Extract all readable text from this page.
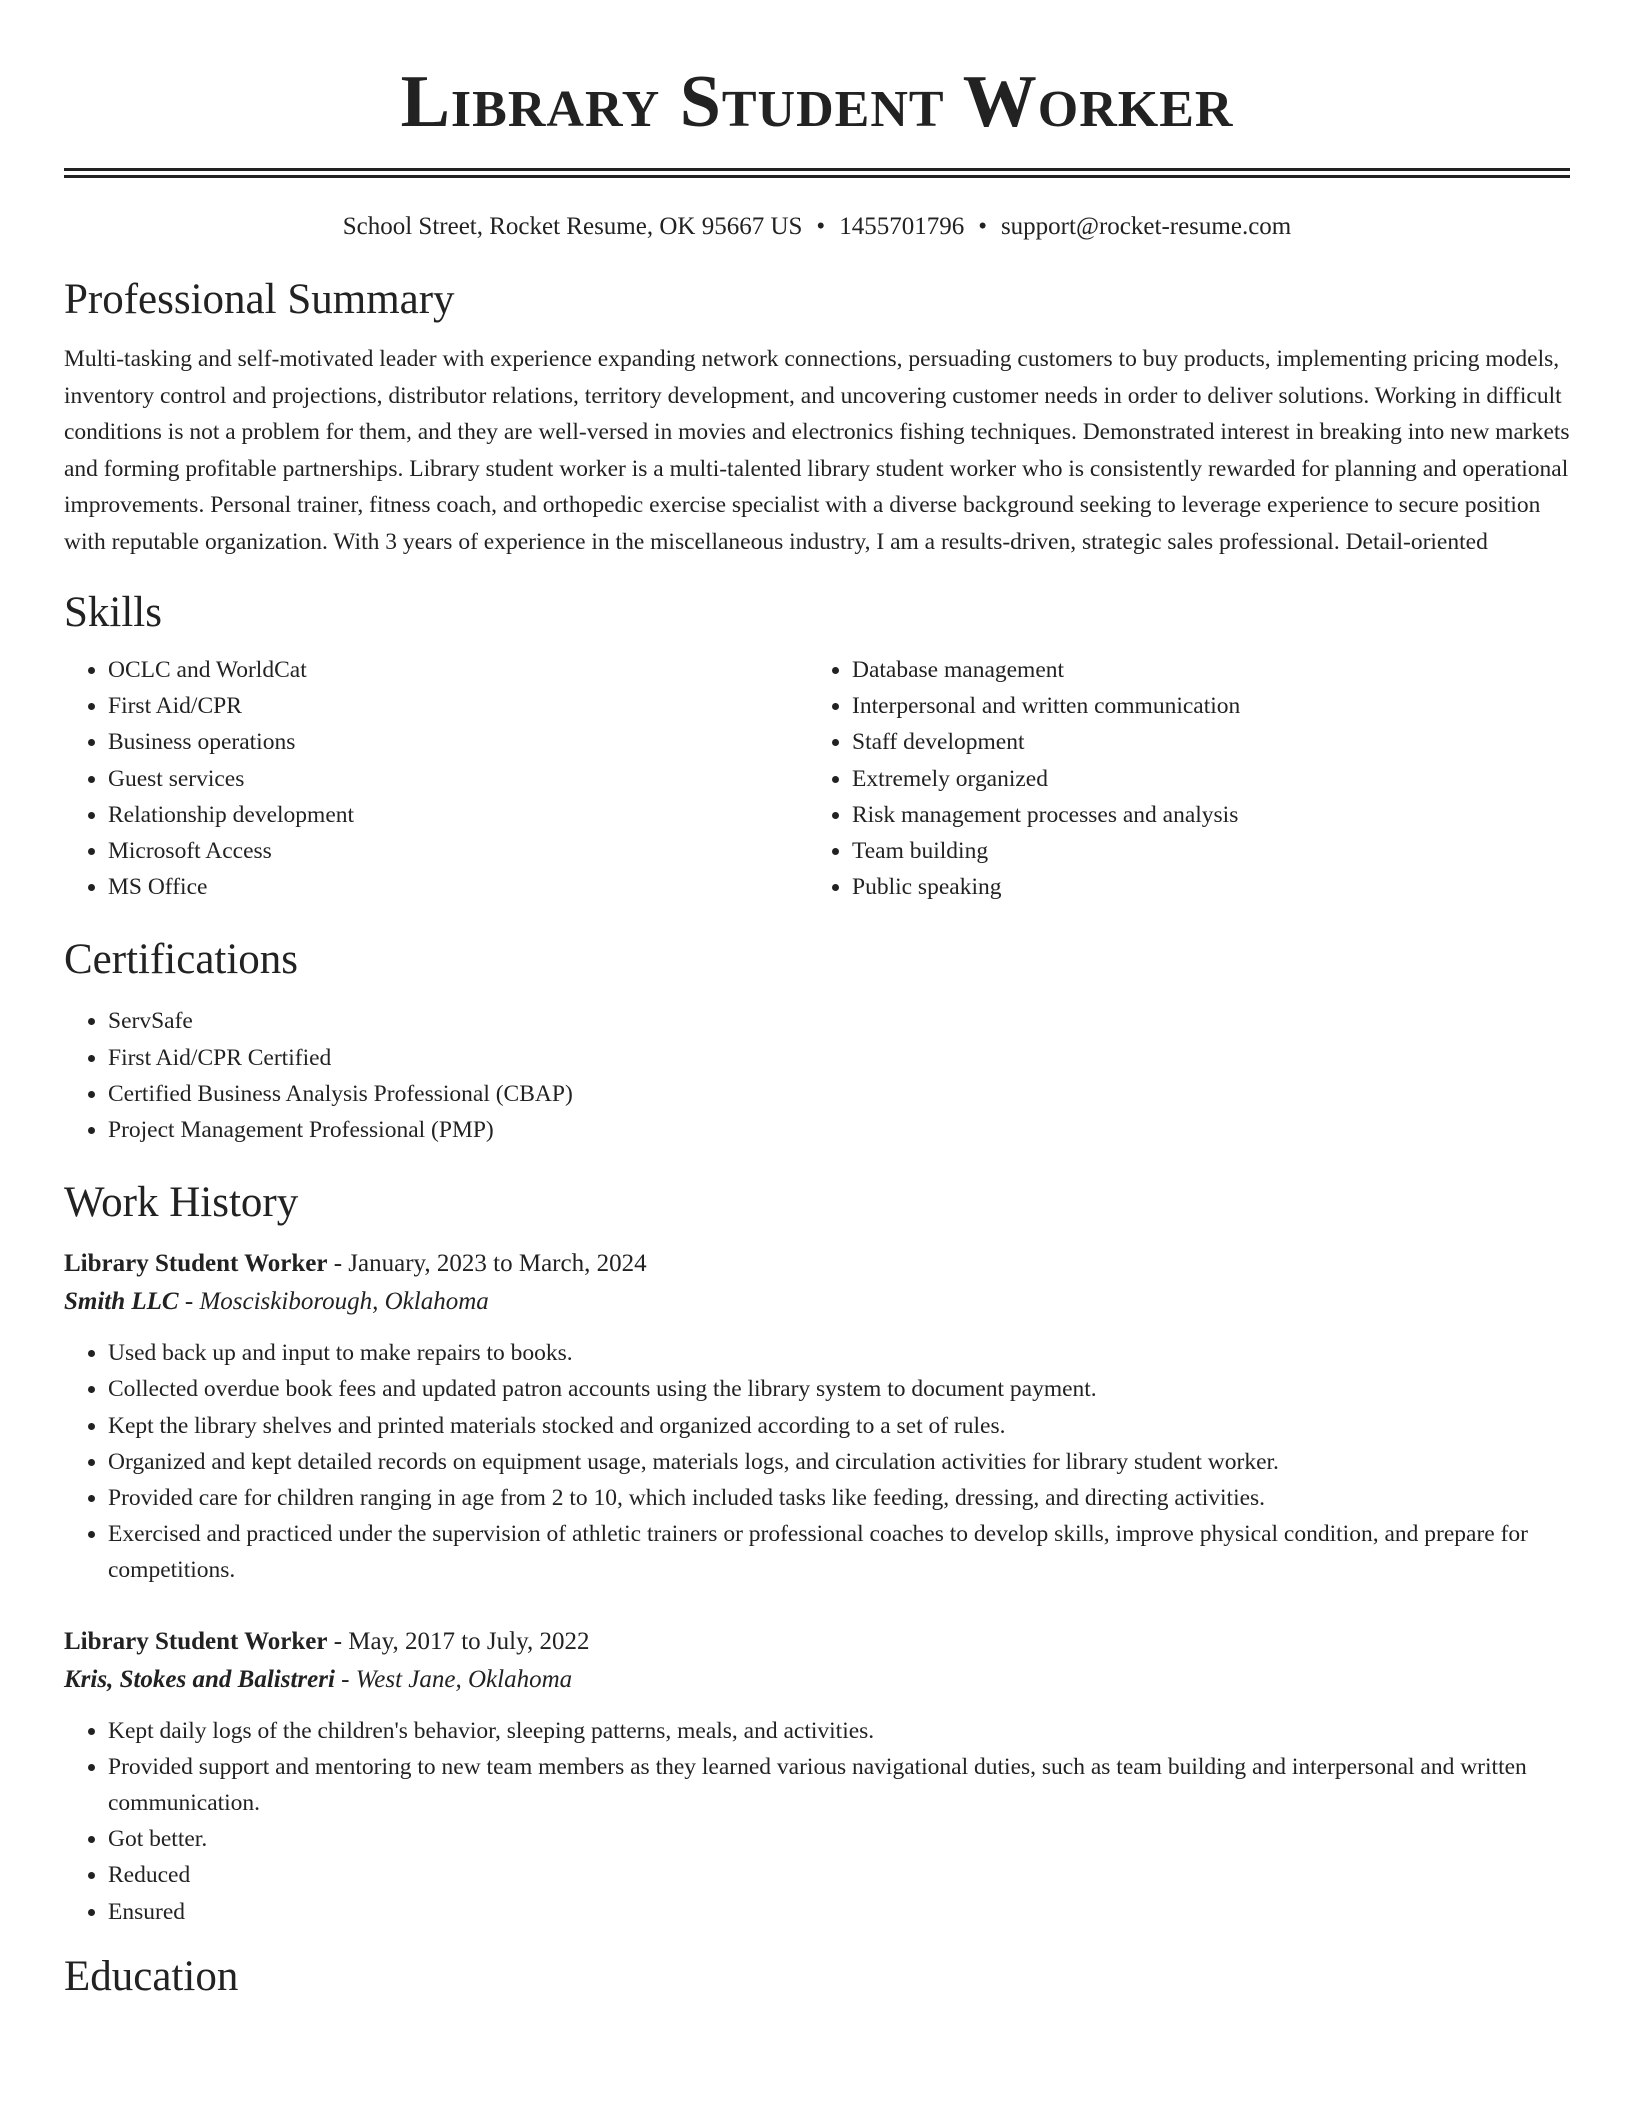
Library Student Worker
School Street, Rocket Resume, OK 95667 US • 1455701796 • support@rocket-resume.com
Professional Summary
Multi-tasking and self-motivated leader with experience expanding network connections, persuading customers to buy products, implementing pricing models, inventory control and projections, distributor relations, territory development, and uncovering customer needs in order to deliver solutions. Working in difficult conditions is not a problem for them, and they are well-versed in movies and electronics fishing techniques. Demonstrated interest in breaking into new markets and forming profitable partnerships. Library student worker is a multi-talented library student worker who is consistently rewarded for planning and operational improvements. Personal trainer, fitness coach, and orthopedic exercise specialist with a diverse background seeking to leverage experience to secure position with reputable organization. With 3 years of experience in the miscellaneous industry, I am a results-driven, strategic sales professional. Detail-oriented
Skills
• OCLC and WorldCat
• First Aid/CPR
• Business operations
• Guest services
• Relationship development
• Microsoft Access
• MS Office
• Database management
• Interpersonal and written communication
• Staff development
• Extremely organized
• Risk management processes and analysis
• Team building
• Public speaking
Certifications
• ServSafe
• First Aid/CPR Certified
• Certified Business Analysis Professional (CBAP)
• Project Management Professional (PMP)
Work History
Library Student Worker - January, 2023 to March, 2024
Smith LLC - Mosciskiborough, Oklahoma
• Used back up and input to make repairs to books.
• Collected overdue book fees and updated patron accounts using the library system to document payment.
• Kept the library shelves and printed materials stocked and organized according to a set of rules.
• Organized and kept detailed records on equipment usage, materials logs, and circulation activities for library student worker.
• Provided care for children ranging in age from 2 to 10, which included tasks like feeding, dressing, and directing activities.
• Exercised and practiced under the supervision of athletic trainers or professional coaches to develop skills, improve physical condition, and prepare for competitions.
Library Student Worker - May, 2017 to July, 2022
Kris, Stokes and Balistreri - West Jane, Oklahoma
• Kept daily logs of the children's behavior, sleeping patterns, meals, and activities.
• Provided support and mentoring to new team members as they learned various navigational duties, such as team building and interpersonal and written communication.
• Got better.
• Reduced
• Ensured
Education
